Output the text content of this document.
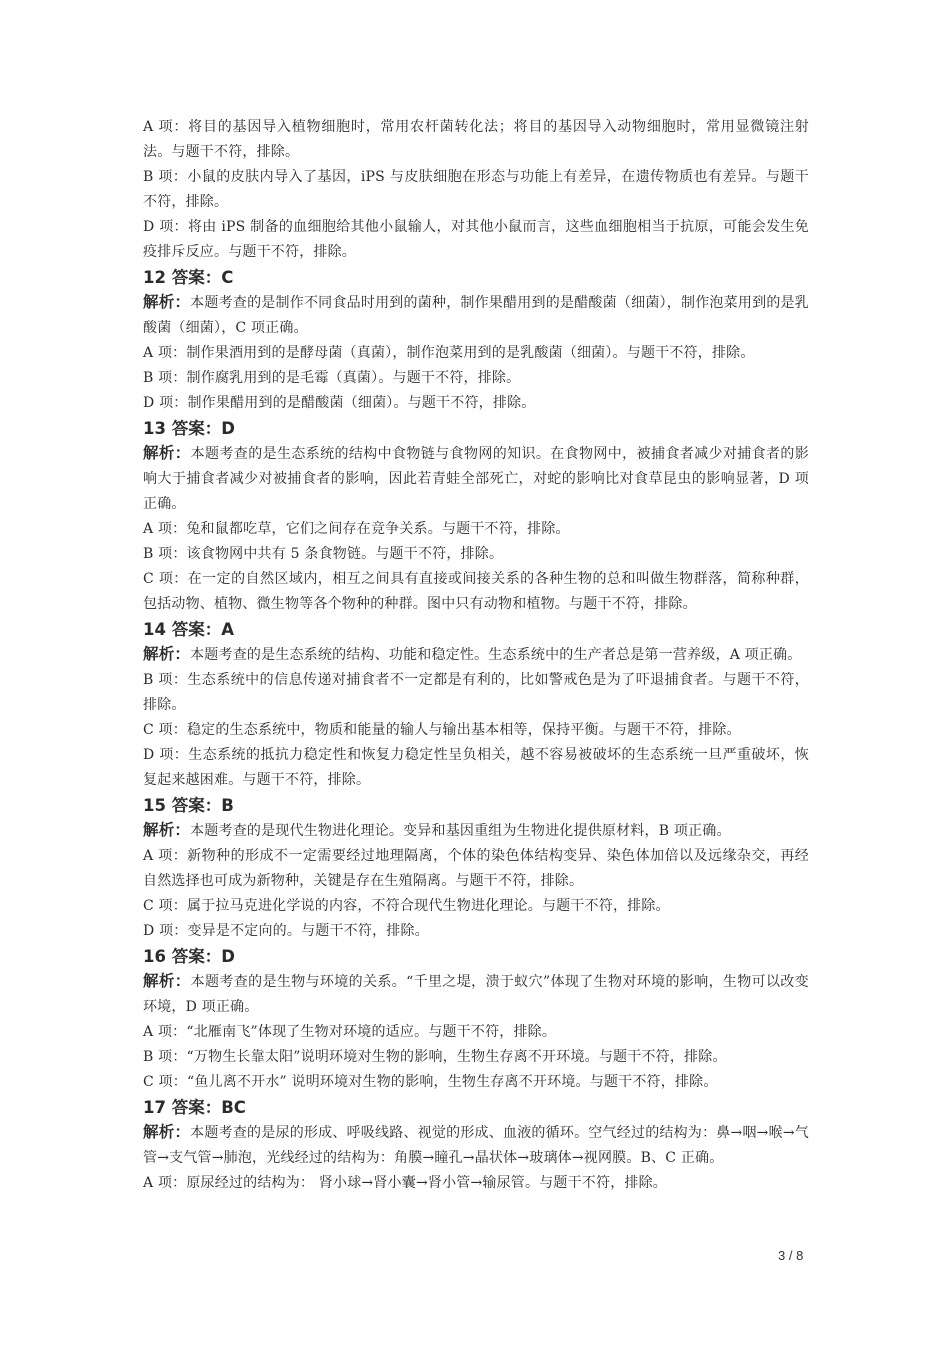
A 项：将目的基因导入植物细胞时，常用农杆菌转化法；将目的基因导入动物细胞时，常用显微镜注射法。与题干不符，排除。

B 项：小鼠的皮肤内导入了基因，iPS 与皮肤细胞在形态与功能上有差异，在遗传物质也有差异。与题干不符，排除。

D 项：将由 iPS 制备的血细胞给其他小鼠输人，对其他小鼠而言，这些血细胞相当于抗原，可能会发生免疫排斥反应。与题干不符，排除。

12 答案：C

解析：本题考查的是制作不同食品时用到的菌种，制作果醋用到的是醋酸菌（细菌），制作泡菜用到的是乳酸菌（细菌），C 项正确。

A 项：制作果酒用到的是酵母菌（真菌），制作泡菜用到的是乳酸菌（细菌）。与题干不符，排除。

B 项：制作腐乳用到的是毛霉（真菌）。与题干不符，排除。

D 项：制作果醋用到的是醋酸菌（细菌）。与题干不符，排除。

13 答案：D

解析：本题考查的是生态系统的结构中食物链与食物网的知识。在食物网中，被捕食者减少对捕食者的影响大于捕食者减少对被捕食者的影响，因此若青蛙全部死亡，对蛇的影响比对食草昆虫的影响显著，D 项正确。

A 项：兔和鼠都吃草，它们之间存在竞争关系。与题干不符，排除。

B 项：该食物网中共有 5 条食物链。与题干不符，排除。

C 项：在一定的自然区域内，相互之间具有直接或间接关系的各种生物的总和叫做生物群落，简称种群，包括动物、植物、微生物等各个物种的种群。图中只有动物和植物。与题干不符，排除。

14 答案：A

解析：本题考查的是生态系统的结构、功能和稳定性。生态系统中的生产者总是第一营养级，A 项正确。

B 项：生态系统中的信息传递对捕食者不一定都是有利的，比如警戒色是为了吓退捕食者。与题干不符，排除。

C 项：稳定的生态系统中，物质和能量的输人与输出基本相等，保持平衡。与题干不符，排除。

D 项：生态系统的抵抗力稳定性和恢复力稳定性呈负相关，越不容易被破坏的生态系统一旦严重破坏，恢复起来越困难。与题干不符，排除。

15 答案：B

解析：本题考查的是现代生物进化理论。变异和基因重组为生物进化提供原材料，B 项正确。

A 项：新物种的形成不一定需要经过地理隔离，个体的染色体结构变异、染色体加倍以及远缘杂交，再经自然选择也可成为新物种，关键是存在生殖隔离。与题干不符，排除。

C 项：属于拉马克进化学说的内容，不符合现代生物进化理论。与题干不符，排除。

D 项：变异是不定向的。与题干不符，排除。

16 答案：D

解析：本题考查的是生物与环境的关系。“千里之堤，溃于蚁穴”体现了生物对环境的影响，生物可以改变环境，D 项正确。

A 项：“北雁南飞”体现了生物对环境的适应。与题干不符，排除。

B 项：“万物生长靠太阳”说明环境对生物的影响，生物生存离不开环境。与题干不符，排除。

C 项：“鱼儿离不开水” 说明环境对生物的影响，生物生存离不开环境。与题干不符，排除。

17 答案：BC

解析：本题考查的是尿的形成、呼吸线路、视觉的形成、血液的循环。空气经过的结构为：鼻→咽→喉→气管→支气管→肺泡，光线经过的结构为：角膜→瞳孔→晶状体→玻璃体→视网膜。B、C 正确。

A 项：原尿经过的结构为： 肾小球→肾小囊→肾小管→输尿管。与题干不符，排除。

3 / 8
